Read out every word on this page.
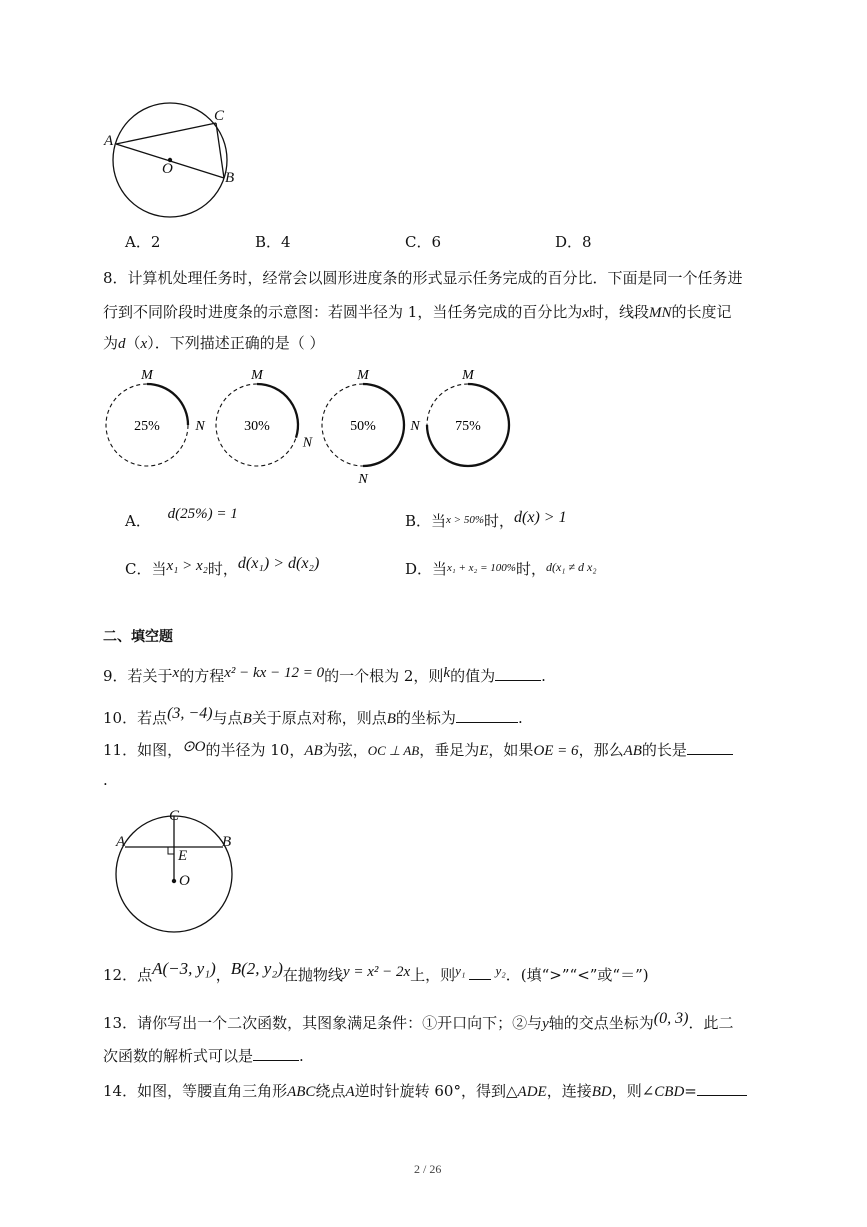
A
C
O
B
A．2	B．4	C．6	D．8
8．计算机处理任务时，经常会以圆形进度条的形式显示任务完成的百分比．下面是同一个任务进
行到不同阶段时进度条的示意图：若圆半径为 1，当任务完成的百分比为x时，线段MN的长度记
为d（x）．下列描述正确的是（ ）
25%
M
N	30%
M
N
50%
M
N
75%
M
N
A． d(25%) = 1	B．当$^{x > 50\%}$时，d(x) > 1
C．当x₁ > x₂时，d(x₁) > d(x₂)	D．当$^{x_1 + x_2 = 100\%}$时，$^{d(x_1 \ne d x_2}$
二、填空题
9．若关于x的方程x² − kx − 12 = 0的一个根为 2，则k的值为	.
10．若点(3, −4)与点B关于原点对称，则点B的坐标为	.
11．如图，⊙O的半径为 10，AB为弦，OC ⊥ AB，垂足为E，如果OE = 6，那么AB的长是
.
C
A	B
E
O
12．点A(−3, y₁)，B(2, y₂)在抛物线y = x² − 2x上，则y₁ y₂．(填“>”“<”或“＝”)
13．请你写出一个二次函数，其图象满足条件：①开口向下；②与y轴的交点坐标为(0, 3)．此二
次函数的解析式可以是	.
14．如图，等腰直角三角形ABC绕点A逆时针旋转 60°，得到△ADE，连接BD，则∠CBD=
2 / 26
